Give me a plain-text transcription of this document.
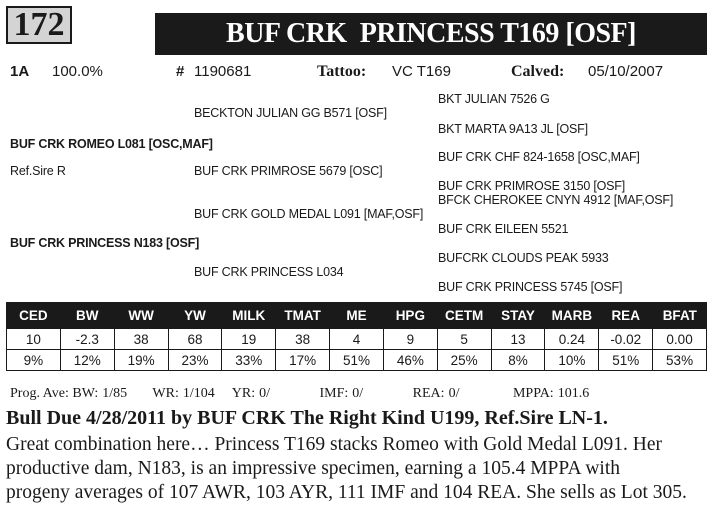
172	BUF CRK  PRINCESS T169 [OSF]
1A 100.0%	# 1190681	Tattoo: VC T169	Calved: 05/10/2007
BECKTON JULIAN GG B571 [OSF]
BKT JULIAN 7526 G
BKT MARTA 9A13 JL [OSF]
BUF CRK ROMEO L081 [OSC,MAF]
BUF CRK CHF 824-1658 [OSC,MAF]
Ref.Sire R	BUF CRK PRIMROSE 5679 [OSC]
BUF CRK PRIMROSE 3150 [OSF]
BFCK CHEROKEE CNYN 4912 [MAF,OSF]
BUF CRK GOLD MEDAL L091 [MAF,OSF]
BUF CRK EILEEN 5521
BUF CRK PRINCESS N183 [OSF]
BUFCRK CLOUDS PEAK 5933
BUF CRK PRINCESS L034
BUF CRK PRINCESS 5745 [OSF]
CED	BW	WW	YW	MILK	TMAT	ME	HPG	CETM	STAY	MARB	REA	BFAT
10	-2.3	38	68	19	38	4	9	5	13	0.24	-0.02	0.00
9%	12%	19%	23%	33%	17%	51%	46%	25%	8%	10%	51%	53%
Prog. Ave: BW: 1/85 WR: 1/104 YR: 0/	IMF: 0/	REA: 0/	MPPA: 101.6
Bull Due 4/28/2011 by BUF CRK The Right Kind U199, Ref.Sire LN-1.
Great combination here… Princess T169 stacks Romeo with Gold Medal L091. Her
productive dam, N183, is an impressive specimen, earning a 105.4 MPPA with
progeny averages of 107 AWR, 103 AYR, 111 IMF and 104 REA. She sells as Lot 305.
